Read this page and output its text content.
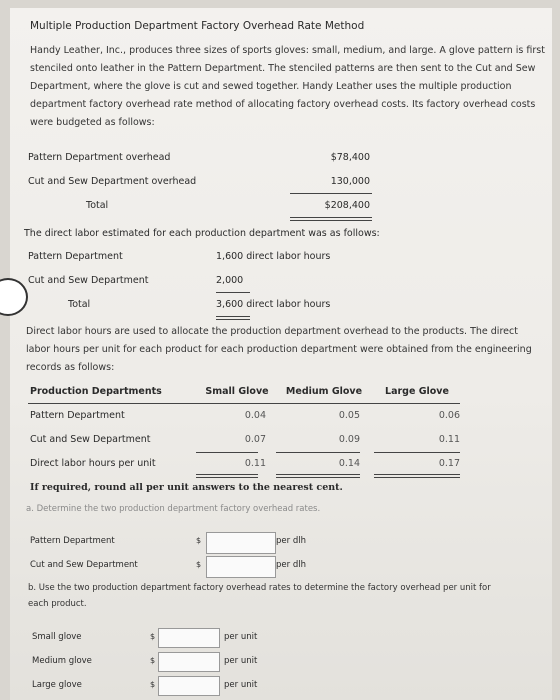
Multiple Production Department Factory Overhead Rate Method
Handy Leather, Inc., produces three sizes of sports gloves: small, medium, and large. A glove pattern is first stenciled onto leather in the Pattern Department. The stenciled patterns are then sent to the Cut and Sew Department, where the glove is cut and sewed together. Handy Leather uses the multiple production department factory overhead rate method of allocating factory overhead costs. Its factory overhead costs were budgeted as follows:
Pattern Department overhead	$78,400
Cut and Sew Department overhead	130,000
Total	$208,400
The direct labor estimated for each production department was as follows:
Pattern Department	1,600 direct labor hours
Cut and Sew Department	2,000
Total	3,600 direct labor hours
Direct labor hours are used to allocate the production department overhead to the products. The direct labor hours per unit for each product for each production department were obtained from the engineering records as follows:
Production Departments	Small Glove	Medium Glove	Large Glove
Pattern Department	0.04	0.05	0.06
Cut and Sew Department	0.07	0.09	0.11
Direct labor hours per unit	0.11	0.14	0.17
If required, round all per unit answers to the nearest cent.
a. Determine the two production department factory overhead rates.
Pattern Department	$	per dlh
Cut and Sew Department	$	per dlh
b. Use the two production department factory overhead rates to determine the factory overhead per unit for each product.
Small glove	$	per unit
Medium glove	$	per unit
Large glove	$	per unit
